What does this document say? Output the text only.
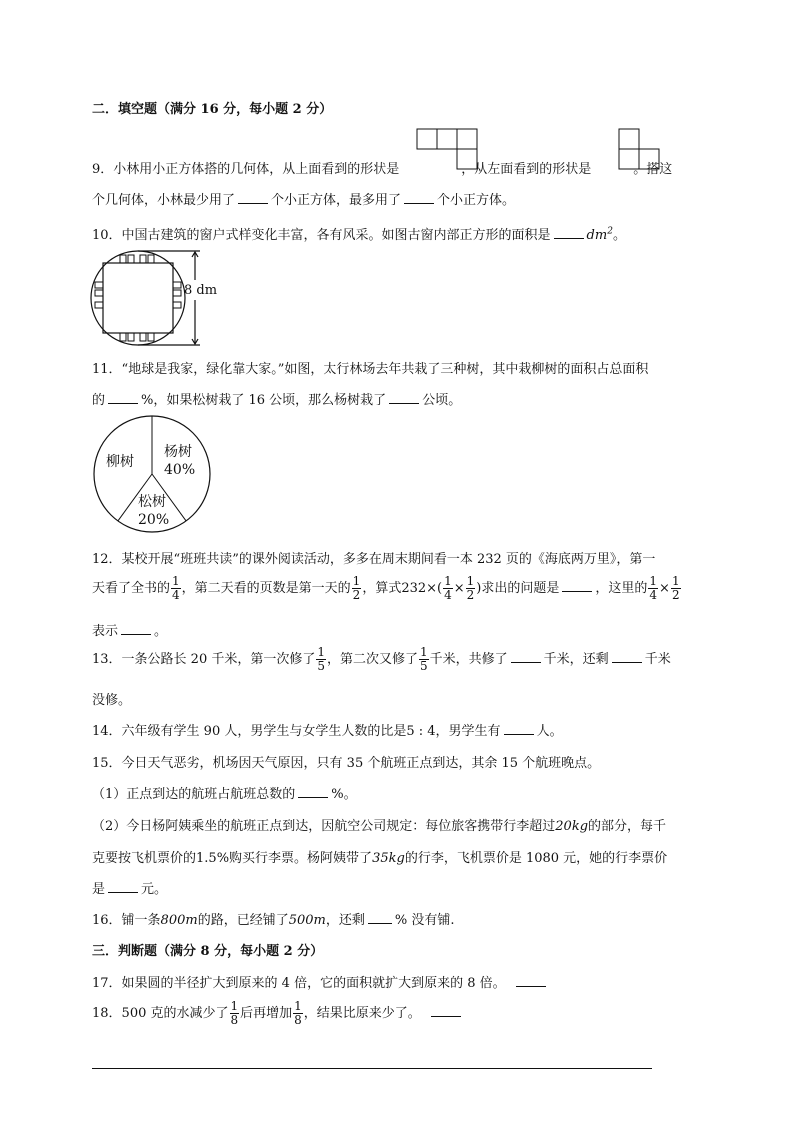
二．填空题（满分 16 分，每小题 2 分）
9．小林用小正方体搭的几何体，从上面看到的形状是	，从左面看到的形状是	。搭这
个几何体，小林最少用了	个小正方体，最多用了	个小正方体。
10．中国古建筑的窗户式样变化丰富，各有风采。如图古窗内部正方形的面积是	$dm^2$。
8 dm
11．“地球是我家，绿化靠大家。”如图，太行林场去年共栽了三种树，其中栽柳树的面积占总面积
的	%，如果松树栽了 16 公顷，那么杨树栽了	公顷。
柳树
杨树
40%
松树
20%
12．某校开展“班班共读”的课外阅读活动，多多在周末期间看一本 232 页的《海底两万里》，第一
天看了全书的 $\frac{1}{4}$ ，第二天看的页数是第一天的 $\frac{1}{2}$ ，算式$232\times( \frac{1}{4} \times \frac{1}{2}$ )求出的问题是	，这里的 $\frac{1}{4} \times \frac{1}{2}$
表示	。
13．一条公路长 20 千米，第一次修了 $\frac{1}{5}$ ，第二次又修了 $\frac{1}{5}$ 千米，共修了	千米，还剩	千米
没修。
14．六年级有学生 90 人，男学生与女学生人数的比是5 : 4，男学生有	人。
15．今日天气恶劣，机场因天气原因，只有 35 个航班正点到达，其余 15 个航班晚点。
（1）正点到达的航班占航班总数的	%。
（2）今日杨阿姨乘坐的航班正点到达，因航空公司规定：每位旅客携带行李超过20kg的部分，每千
克要按飞机票价的1.5%购买行李票。杨阿姨带了35kg的行李，飞机票价是 1080 元，她的行李票价
是	元。
16．铺一条800m的路，已经铺了500m，还剩 % 没有铺.
三．判断题（满分 8 分，每小题 2 分）
17．如果圆的半径扩大到原来的 4 倍，它的面积就扩大到原来的 8 倍。
18．500 克的水减少了 $\frac{1}{8}$ 后再增加 $\frac{1}{8}$ ，结果比原来少了。
